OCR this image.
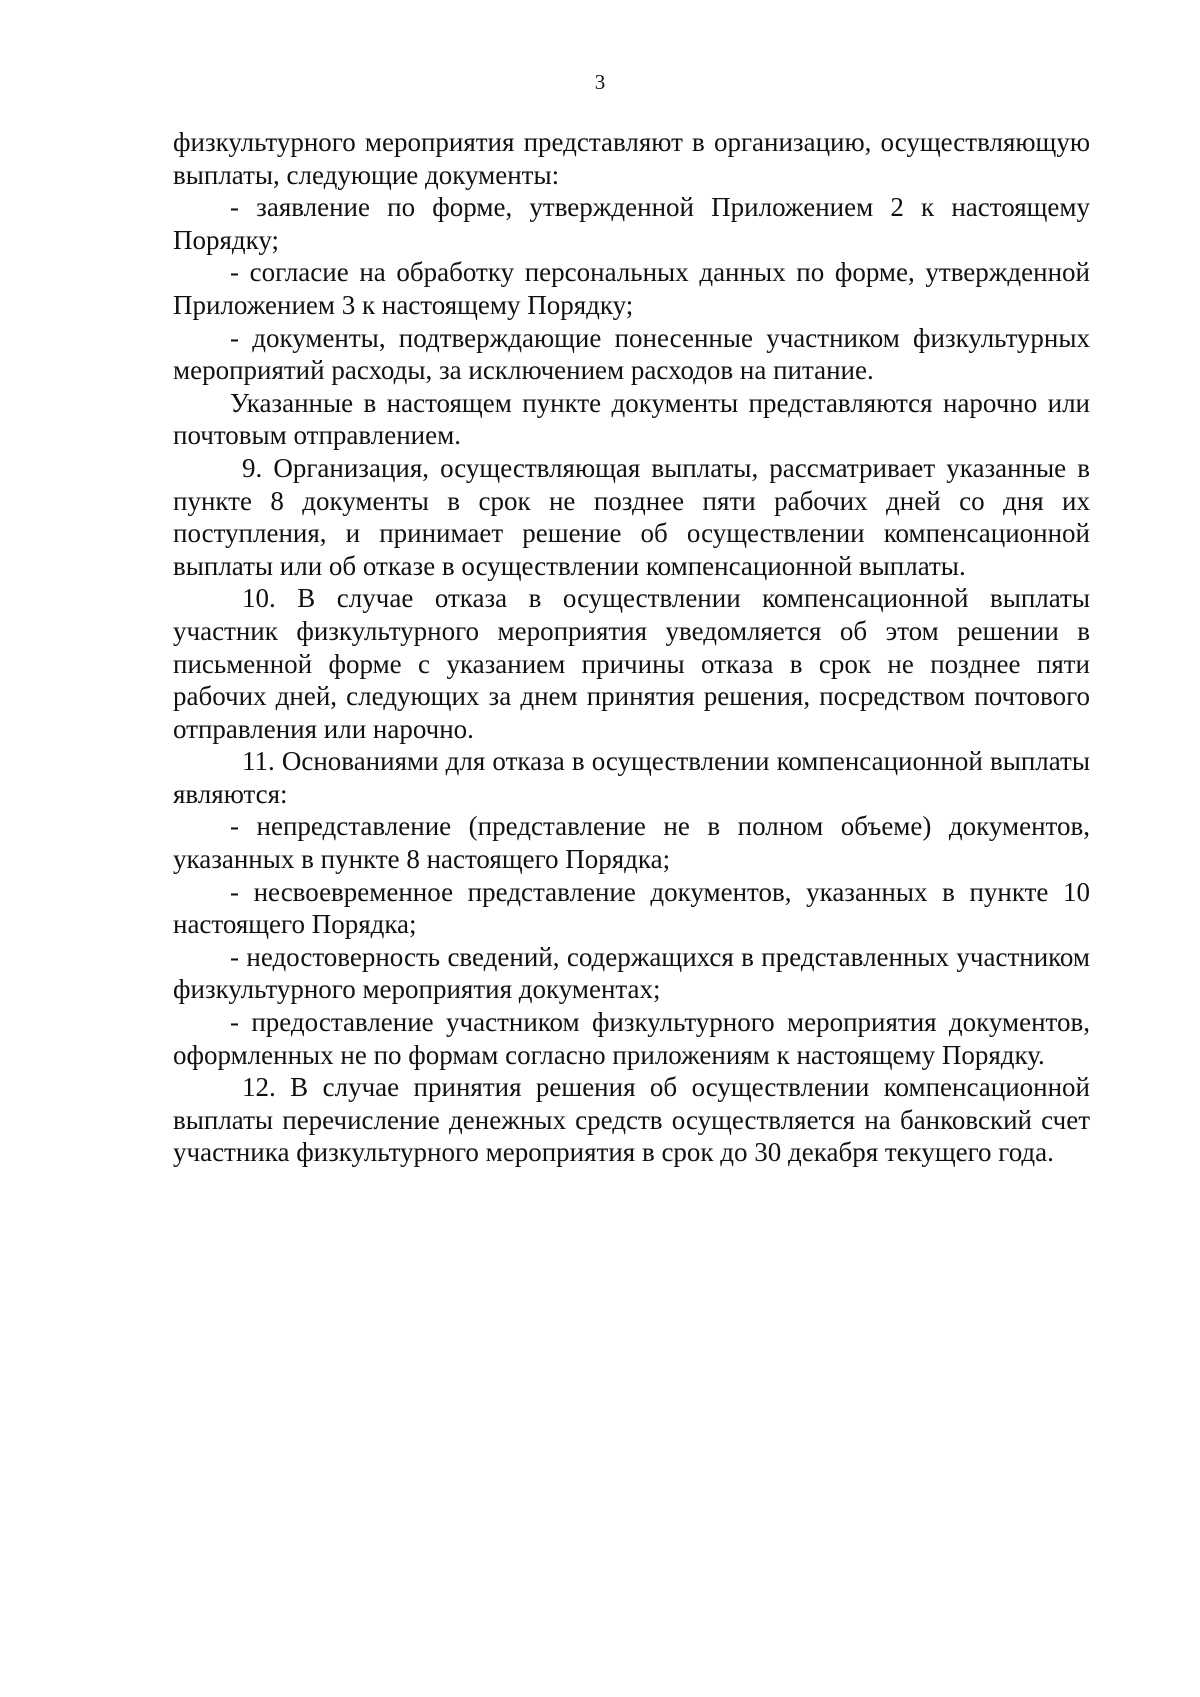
3

физкультурного мероприятия представляют в организацию, осуществляющую выплаты, следующие документы:

- заявление по форме, утвержденной Приложением 2 к настоящему Порядку;

- согласие на обработку персональных данных по форме, утвержденной Приложением 3 к настоящему Порядку;

- документы, подтверждающие понесенные участником физкультурных мероприятий расходы, за исключением расходов на питание.

Указанные в настоящем пункте документы представляются нарочно или почтовым отправлением.

9. Организация, осуществляющая выплаты, рассматривает указанные в пункте 8 документы в срок не позднее пяти рабочих дней со дня их поступления, и принимает решение об осуществлении компенсационной выплаты или об отказе в осуществлении компенсационной выплаты.

10. В случае отказа в осуществлении компенсационной выплаты участник физкультурного мероприятия уведомляется об этом решении в письменной форме с указанием причины отказа в срок не позднее пяти рабочих дней, следующих за днем принятия решения, посредством почтового отправления или нарочно.

11. Основаниями для отказа в осуществлении компенсационной выплаты являются:

- непредставление (представление не в полном объеме) документов, указанных в пункте 8 настоящего Порядка;

- несвоевременное представление документов, указанных в пункте 10 настоящего Порядка;

- недостоверность сведений, содержащихся в представленных участником физкультурного мероприятия документах;

- предоставление участником физкультурного мероприятия документов, оформленных не по формам согласно приложениям к настоящему Порядку.

12. В случае принятия решения об осуществлении компенсационной выплаты перечисление денежных средств осуществляется на банковский счет участника физкультурного мероприятия в срок до 30 декабря текущего года.
